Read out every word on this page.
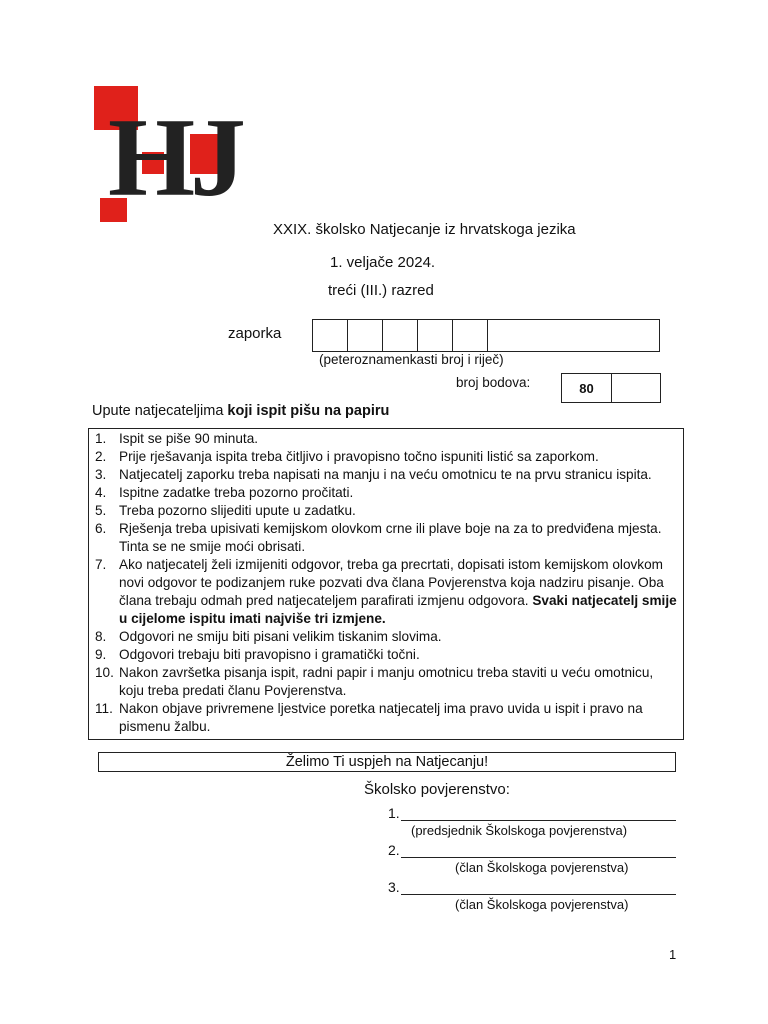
H
J
XXIX. školsko Natjecanje iz hrvatskoga jezika
1. veljače 2024.
treći (III.) razred
zaporka
(peteroznamenkasti broj i riječ)
broj bodova:	80
Upute natjecateljima koji ispit pišu na papiru
1. Ispit se piše 90 minuta.
2. Prije rješavanja ispita treba čitljivo i pravopisno točno ispuniti listić sa zaporkom.
3. Natjecatelj zaporku treba napisati na manju i na veću omotnicu te na prvu stranicu ispita.
4. Ispitne zadatke treba pozorno pročitati.
5. Treba pozorno slijediti upute u zadatku.
6. Rješenja treba upisivati kemijskom olovkom crne ili plave boje na za to predviđena mjesta. Tinta se ne smije moći obrisati.
7. Ako natjecatelj želi izmijeniti odgovor, treba ga precrtati, dopisati istom kemijskom olovkom novi odgovor te podizanjem ruke pozvati dva člana Povjerenstva koja nadziru pisanje. Oba člana trebaju odmah pred natjecateljem parafirati izmjenu odgovora. Svaki natjecatelj smije u cijelome ispitu imati najviše tri izmjene.
8. Odgovori ne smiju biti pisani velikim tiskanim slovima.
9. Odgovori trebaju biti pravopisno i gramatički točni.
10. Nakon završetka pisanja ispit, radni papir i manju omotnicu treba staviti u veću omotnicu, koju treba predati članu Povjerenstva.
11. Nakon objave privremene ljestvice poretka natjecatelj ima pravo uvida u ispit i pravo na pismenu žalbu.
Želimo Ti uspjeh na Natjecanju!
Školsko povjerenstvo:
1.
(predsjednik Školskoga povjerenstva)
2.
(član Školskoga povjerenstva)
3.
(član Školskoga povjerenstva)
1
